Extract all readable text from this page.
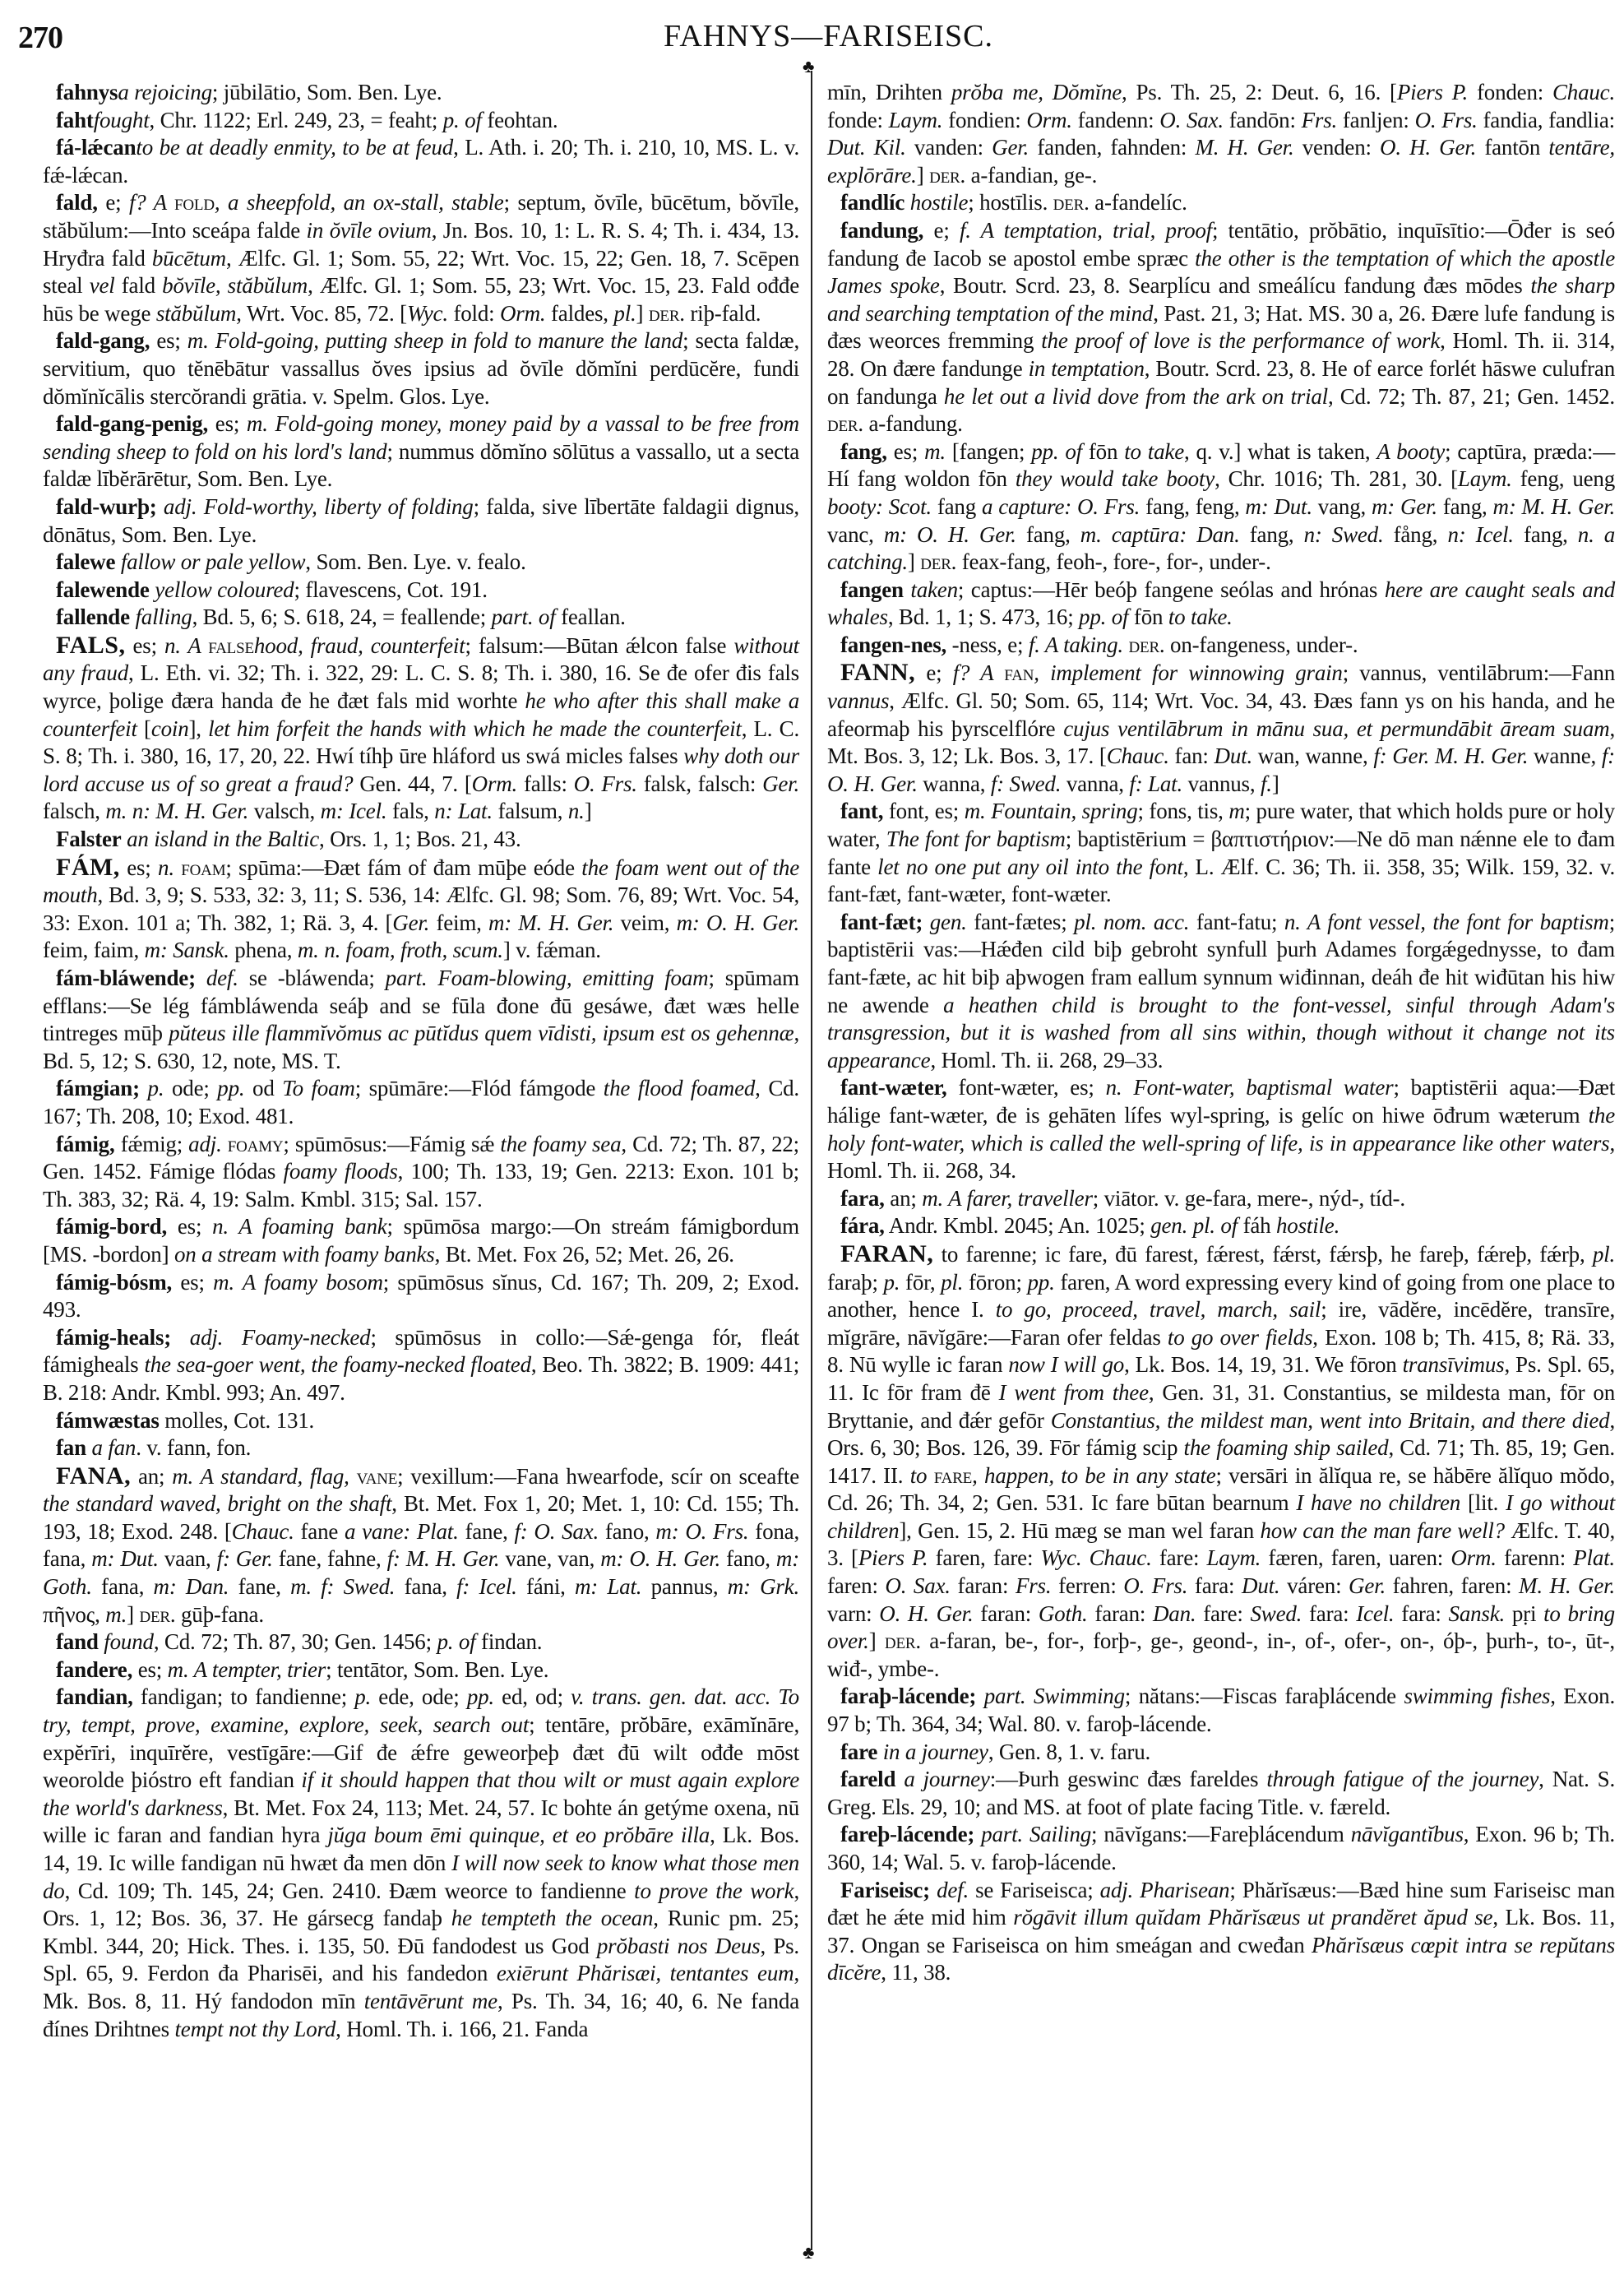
270	FAHNYS—FARISEISC.
♣
♣

fahnysa rejoicing; jūbilātio, Som. Ben. Lye.

fahtfought, Chr. 1122; Erl. 249, 23, = feaht; p. of feohtan.

fá-lǽcanto be at deadly enmity, to be at feud, L. Ath. i. 20; Th. i. 210, 10, MS. L. v. fǽ-lǽcan.

fald, e; f? A fold, a sheepfold, an ox-stall, stable; septum, ŏvīle, būcētum, bŏvīle, stăbŭlum:—Into sceápa falde in ŏvīle ovium, Jn. Bos. 10, 1: L. R. S. 4; Th. i. 434, 13. Hryđra fald būcētum, Ælfc. Gl. 1; Som. 55, 22; Wrt. Voc. 15, 22; Gen. 18, 7. Scēpen steal vel fald bŏvīle, stăbŭlum, Ælfc. Gl. 1; Som. 55, 23; Wrt. Voc. 15, 23. Fald ođđe hūs be wege stăbŭlum, Wrt. Voc. 85, 72. [Wyc. fold: Orm. faldes, pl.] der. riþ-fald.

fald-gang, es; m. Fold-going, putting sheep in fold to manure the land; secta faldæ, servitium, quo tĕnēbātur vassallus ŏves ipsius ad ŏvīle dŏmĭni perdūcĕre, fundi dŏmĭnĭcālis stercŏrandi grātia. v. Spelm. Glos. Lye.

fald-gang-penig, es; m. Fold-going money, money paid by a vassal to be free from sending sheep to fold on his lord's land; nummus dŏmĭno sōlūtus a vassallo, ut a secta faldæ lībĕrārētur, Som. Ben. Lye.

fald-wurþ; adj. Fold-worthy, liberty of folding; falda, sive lībertāte faldagii dignus, dōnātus, Som. Ben. Lye.

falewe fallow or pale yellow, Som. Ben. Lye. v. fealo.

falewende yellow coloured; flavescens, Cot. 191.

fallende falling, Bd. 5, 6; S. 618, 24, = feallende; part. of feallan.

FALS, es; n. A falsehood, fraud, counterfeit; falsum:—Būtan ǽlcon false without any fraud, L. Eth. vi. 32; Th. i. 322, 29: L. C. S. 8; Th. i. 380, 16. Se đe ofer đis fals wyrce, þolige đæra handa đe he đæt fals mid worhte he who after this shall make a counterfeit [coin], let him forfeit the hands with which he made the counterfeit, L. C. S. 8; Th. i. 380, 16, 17, 20, 22. Hwí tíhþ ūre hláford us swá micles falses why doth our lord accuse us of so great a fraud? Gen. 44, 7. [Orm. falls: O. Frs. falsk, falsch: Ger. falsch, m. n: M. H. Ger. valsch, m: Icel. fals, n: Lat. falsum, n.]

Falster an island in the Baltic, Ors. 1, 1; Bos. 21, 43.

FÁM, es; n. foam; spūma:—Đæt fám of đam mūþe eóde the foam went out of the mouth, Bd. 3, 9; S. 533, 32: 3, 11; S. 536, 14: Ælfc. Gl. 98; Som. 76, 89; Wrt. Voc. 54, 33: Exon. 101 a; Th. 382, 1; Rä. 3, 4. [Ger. feim, m: M. H. Ger. veim, m: O. H. Ger. feim, faim, m: Sansk. phena, m. n. foam, froth, scum.] v. fǽman.

fám-bláwende; def. se -bláwenda; part. Foam-blowing, emitting foam; spūmam efflans:—Se lég fámbláwenda seáþ and se fūla đone đū gesáwe, đæt wæs helle tintreges mūþ pŭteus ille flammĭvŏmus ac pūtĭdus quem vīdisti, ipsum est os gehennæ, Bd. 5, 12; S. 630, 12, note, MS. T.

fámgian; p. ode; pp. od To foam; spūmāre:—Flód fámgode the flood foamed, Cd. 167; Th. 208, 10; Exod. 481.

fámig, fǽmig; adj. foamy; spūmōsus:—Fámig sǽ the foamy sea, Cd. 72; Th. 87, 22; Gen. 1452. Fámige flódas foamy floods, 100; Th. 133, 19; Gen. 2213: Exon. 101 b; Th. 383, 32; Rä. 4, 19: Salm. Kmbl. 315; Sal. 157.

fámig-bord, es; n. A foaming bank; spūmōsa margo:—On streám fámigbordum [MS. -bordon] on a stream with foamy banks, Bt. Met. Fox 26, 52; Met. 26, 26.

fámig-bósm, es; m. A foamy bosom; spūmōsus sĭnus, Cd. 167; Th. 209, 2; Exod. 493.

fámig-heals; adj. Foamy-necked; spūmōsus in collo:—Sǽ-genga fór, fleát fámigheals the sea-goer went, the foamy-necked floated, Beo. Th. 3822; B. 1909: 441; B. 218: Andr. Kmbl. 993; An. 497.

fámwæstas molles, Cot. 131.

fan a fan. v. fann, fon.

FANA, an; m. A standard, flag, vane; vexillum:—Fana hwearfode, scír on sceafte the standard waved, bright on the shaft, Bt. Met. Fox 1, 20; Met. 1, 10: Cd. 155; Th. 193, 18; Exod. 248. [Chauc. fane a vane: Plat. fane, f: O. Sax. fano, m: O. Frs. fona, fana, m: Dut. vaan, f: Ger. fane, fahne, f: M. H. Ger. vane, van, m: O. H. Ger. fano, m: Goth. fana, m: Dan. fane, m. f: Swed. fana, f: Icel. fáni, m: Lat. pannus, m: Grk. πῆνος, m.] der. gūþ-fana.

fand found, Cd. 72; Th. 87, 30; Gen. 1456; p. of findan.

fandere, es; m. A tempter, trier; tentātor, Som. Ben. Lye.

fandian, fandigan; to fandienne; p. ede, ode; pp. ed, od; v. trans. gen. dat. acc. To try, tempt, prove, examine, explore, seek, search out; tentāre, prŏbāre, exāmĭnāre, expĕrīri, inquīrĕre, vestīgāre:—Gif đe ǽfre geweorþeþ đæt đū wilt ođđe mōst weorolde þióstro eft fandian if it should happen that thou wilt or must again explore the world's darkness, Bt. Met. Fox 24, 113; Met. 24, 57. Ic bohte án getýme oxena, nū wille ic faran and fandian hyra jŭga boum ēmi quinque, et eo prŏbāre illa, Lk. Bos. 14, 19. Ic wille fandigan nū hwæt đa men dōn I will now seek to know what those men do, Cd. 109; Th. 145, 24; Gen. 2410. Đæm weorce to fandienne to prove the work, Ors. 1, 12; Bos. 36, 37. He gársecg fandaþ he tempteth the ocean, Runic pm. 25; Kmbl. 344, 20; Hick. Thes. i. 135, 50. Đū fandodest us God prŏbasti nos Deus, Ps. Spl. 65, 9. Ferdon đa Pharisēi, and his fandedon exiērunt Phărisæi, tentantes eum, Mk. Bos. 8, 11. Hý fandodon mīn tentāvērunt me, Ps. Th. 34, 16; 40, 6. Ne fanda đínes Drihtnes tempt not thy Lord, Homl. Th. i. 166, 21. Fanda

mīn, Drihten prŏba me, Dŏmĭne, Ps. Th. 25, 2: Deut. 6, 16. [Piers P. fonden: Chauc. fonde: Laym. fondien: Orm. fandenn: O. Sax. fandōn: Frs. fanljen: O. Frs. fandia, fandlia: Dut. Kil. vanden: Ger. fanden, fahnden: M. H. Ger. venden: O. H. Ger. fantōn tentāre, explōrāre.] der. a-fandian, ge-.

fandlíc hostile; hostīlis. der. a-fandelíc.

fandung, e; f. A temptation, trial, proof; tentātio, prŏbātio, inquīsītio:—Ōđer is seó fandung đe Iacob se apostol embe spræc the other is the temptation of which the apostle James spoke, Boutr. Scrd. 23, 8. Searplícu and smeálícu fandung đæs mōdes the sharp and searching temptation of the mind, Past. 21, 3; Hat. MS. 30 a, 26. Đære lufe fandung is đæs weorces fremming the proof of love is the performance of work, Homl. Th. ii. 314, 28. On đære fandunge in temptation, Boutr. Scrd. 23, 8. He of earce forlét hāswe culufran on fandunga he let out a livid dove from the ark on trial, Cd. 72; Th. 87, 21; Gen. 1452. der. a-fandung.

fang, es; m. [fangen; pp. of fōn to take, q. v.] what is taken, A booty; captūra, præda:—Hí fang woldon fōn they would take booty, Chr. 1016; Th. 281, 30. [Laym. feng, ueng booty: Scot. fang a capture: O. Frs. fang, feng, m: Dut. vang, m: Ger. fang, m: M. H. Ger. vanc, m: O. H. Ger. fang, m. captūra: Dan. fang, n: Swed. fång, n: Icel. fang, n. a catching.] der. feax-fang, feoh-, fore-, for-, under-.

fangen taken; captus:—Hēr beóþ fangene seólas and hrónas here are caught seals and whales, Bd. 1, 1; S. 473, 16; pp. of fōn to take.

fangen-nes, -ness, e; f. A taking. der. on-fangeness, under-.

FANN, e; f? A fan, implement for winnowing grain; vannus, ventilābrum:—Fann vannus, Ælfc. Gl. 50; Som. 65, 114; Wrt. Voc. 34, 43. Đæs fann ys on his handa, and he afeormaþ his þyrscelflóre cujus ventilābrum in mānu sua, et permundābit āream suam, Mt. Bos. 3, 12; Lk. Bos. 3, 17. [Chauc. fan: Dut. wan, wanne, f: Ger. M. H. Ger. wanne, f: O. H. Ger. wanna, f: Swed. vanna, f: Lat. vannus, f.]

fant, font, es; m. Fountain, spring; fons, tis, m; pure water, that which holds pure or holy water, The font for baptism; baptistērium = βαπτιστήριον:—Ne dō man nǽnne ele to đam fante let no one put any oil into the font, L. Ælf. C. 36; Th. ii. 358, 35; Wilk. 159, 32. v. fant-fæt, fant-wæter, font-wæter.

fant-fæt; gen. fant-fætes; pl. nom. acc. fant-fatu; n. A font vessel, the font for baptism; baptistērii vas:—Hǽđen cild biþ gebroht synfull þurh Adames forgǽgednysse, to đam fant-fæte, ac hit biþ aþwogen fram eallum synnum wiđinnan, deáh đe hit wiđūtan his hiw ne awende a heathen child is brought to the font-vessel, sinful through Adam's transgression, but it is washed from all sins within, though without it change not its appearance, Homl. Th. ii. 268, 29–33.

fant-wæter, font-wæter, es; n. Font-water, baptismal water; baptistērii aqua:—Đæt hálige fant-wæter, đe is gehāten lífes wyl-spring, is gelíc on hiwe ōđrum wæterum the holy font-water, which is called the well-spring of life, is in appearance like other waters, Homl. Th. ii. 268, 34.

fara, an; m. A farer, traveller; viātor. v. ge-fara, mere-, nýd-, tíd-.

fára, Andr. Kmbl. 2045; An. 1025; gen. pl. of fáh hostile.

FARAN, to farenne; ic fare, đū farest, fǽrest, fǽrst, fǽrsþ, he fareþ, fǽreþ, fǽrþ, pl. faraþ; p. fōr, pl. fōron; pp. faren, A word expressing every kind of going from one place to another, hence I. to go, proceed, travel, march, sail; ire, vādĕre, incēdĕre, transīre, mĭgrāre, nāvĭgāre:—Faran ofer feldas to go over fields, Exon. 108 b; Th. 415, 8; Rä. 33, 8. Nū wylle ic faran now I will go, Lk. Bos. 14, 19, 31. We fōron transīvimus, Ps. Spl. 65, 11. Ic fōr fram đē I went from thee, Gen. 31, 31. Constantius, se mildesta man, fōr on Bryttanie, and đǽr gefōr Constantius, the mildest man, went into Britain, and there died, Ors. 6, 30; Bos. 126, 39. Fōr fámig scip the foaming ship sailed, Cd. 71; Th. 85, 19; Gen. 1417. II. to fare, happen, to be in any state; versāri in ălĭqua re, se hăbēre ălĭquo mŏdo, Cd. 26; Th. 34, 2; Gen. 531. Ic fare būtan bearnum I have no children [lit. I go without children], Gen. 15, 2. Hū mæg se man wel faran how can the man fare well? Ælfc. T. 40, 3. [Piers P. faren, fare: Wyc. Chauc. fare: Laym. færen, faren, uaren: Orm. farenn: Plat. faren: O. Sax. faran: Frs. ferren: O. Frs. fara: Dut. váren: Ger. fahren, faren: M. H. Ger. varn: O. H. Ger. faran: Goth. faran: Dan. fare: Swed. fara: Icel. fara: Sansk. pṛi to bring over.] der. a-faran, be-, for-, forþ-, ge-, geond-, in-, of-, ofer-, on-, óþ-, þurh-, to-, ūt-, wiđ-, ymbe-.

faraþ-lácende; part. Swimming; nătans:—Fiscas faraþlácende swimming fishes, Exon. 97 b; Th. 364, 34; Wal. 80. v. faroþ-lácende.

fare in a journey, Gen. 8, 1. v. faru.

fareld a journey:—Þurh geswinc đæs fareldes through fatigue of the journey, Nat. S. Greg. Els. 29, 10; and MS. at foot of plate facing Title. v. færeld.

fareþ-lácende; part. Sailing; nāvĭgans:—Fareþlácendum nāvĭgantĭbus, Exon. 96 b; Th. 360, 14; Wal. 5. v. faroþ-lácende.

Fariseisc; def. se Fariseisca; adj. Pharisean; Phărĭsæus:—Bæd hine sum Fariseisc man đæt he ǽte mid him rŏgāvit illum quĭdam Phărĭsæus ut prandĕret ăpud se, Lk. Bos. 11, 37. Ongan se Fariseisca on him smeágan and cweđan Phărĭsæus cœpit intra se repŭtans dīcĕre, 11, 38.
